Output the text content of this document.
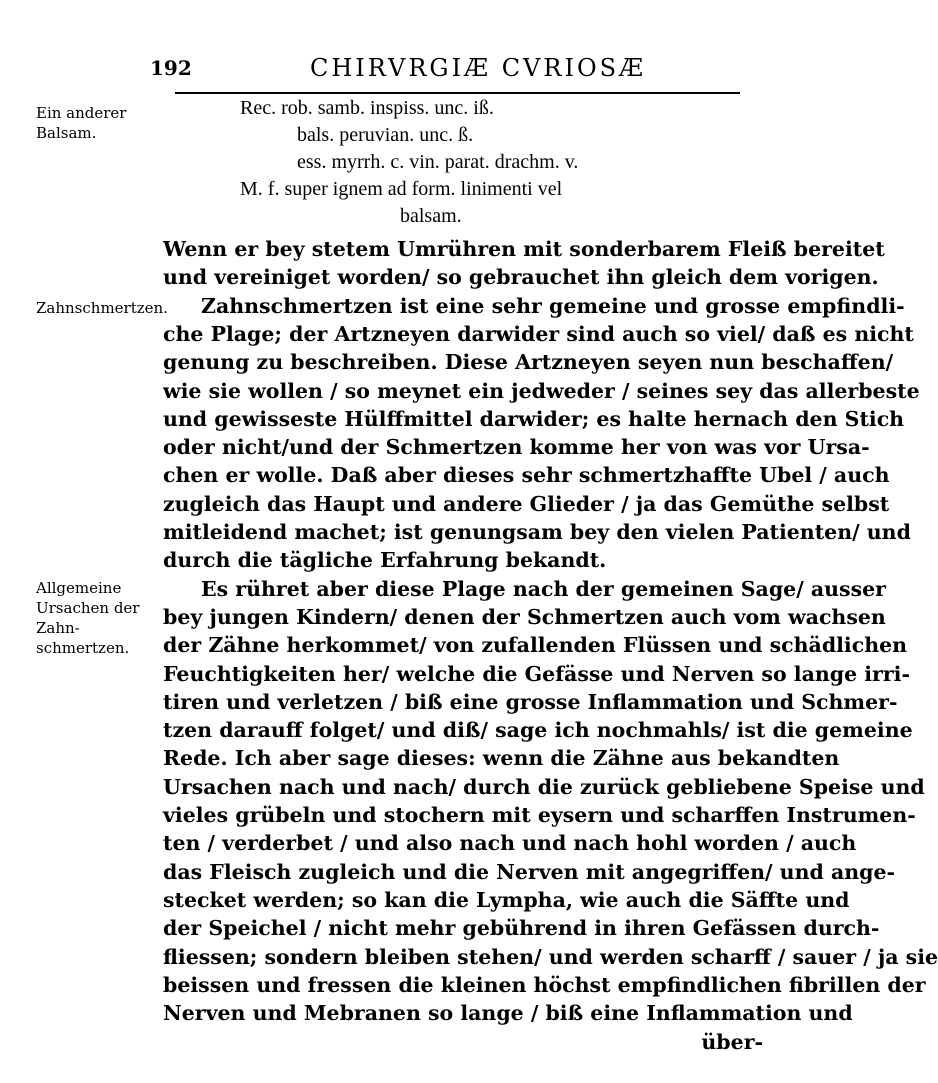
192	CHIRVRGIÆ CVRIOSÆ
Ein anderer Balsam.
Zahnschmertzen.
Allgemeine Ursachen der Zahn-schmertzen.
Rec. rob. samb. inspiss. unc. iß.
bals. peruvian. unc. ß.
ess. myrrh. c. vin. parat. drachm. v.
M. f. super ignem ad form. linimenti vel
balsam.
Wenn er bey stetem Umrühren mit sonderbarem Fleiß bereitet
und vereiniget worden/ so gebrauchet ihn gleich dem vorigen.
Zahnschmertzen ist eine sehr gemeine und grosse empfindli-
che Plage; der Artzneyen darwider sind auch so viel/ daß es nicht
genung zu beschreiben. Diese Artzneyen seyen nun beschaffen/
wie sie wollen / so meynet ein jedweder / seines sey das allerbeste
und gewisseste Hülffmittel darwider; es halte hernach den Stich
oder nicht/und der Schmertzen komme her von was vor Ursa-
chen er wolle. Daß aber dieses sehr schmertzhaffte Ubel / auch
zugleich das Haupt und andere Glieder / ja das Gemüthe selbst
mitleidend machet; ist genungsam bey den vielen Patienten/ und
durch die tägliche Erfahrung bekandt.
Es rühret aber diese Plage nach der gemeinen Sage/ ausser
bey jungen Kindern/ denen der Schmertzen auch vom wachsen
der Zähne herkommet/ von zufallenden Flüssen und schädlichen
Feuchtigkeiten her/ welche die Gefässe und Nerven so lange irri-
tiren und verletzen / biß eine grosse Inflammation und Schmer-
tzen darauff folget/ und diß/ sage ich nochmahls/ ist die gemeine
Rede. Ich aber sage dieses: wenn die Zähne aus bekandten
Ursachen nach und nach/ durch die zurück gebliebene Speise und
vieles grübeln und stochern mit eysern und scharffen Instrumen-
ten / verderbet / und also nach und nach hohl worden / auch
das Fleisch zugleich und die Nerven mit angegriffen/ und ange-
stecket werden; so kan die Lympha, wie auch die Säffte und
der Speichel / nicht mehr gebührend in ihren Gefässen durch-
fliessen; sondern bleiben stehen/ und werden scharff / sauer / ja sie
beissen und fressen die kleinen höchst empfindlichen fibrillen der
Nerven und Mebranen so lange / biß eine Inflammation und
über-
